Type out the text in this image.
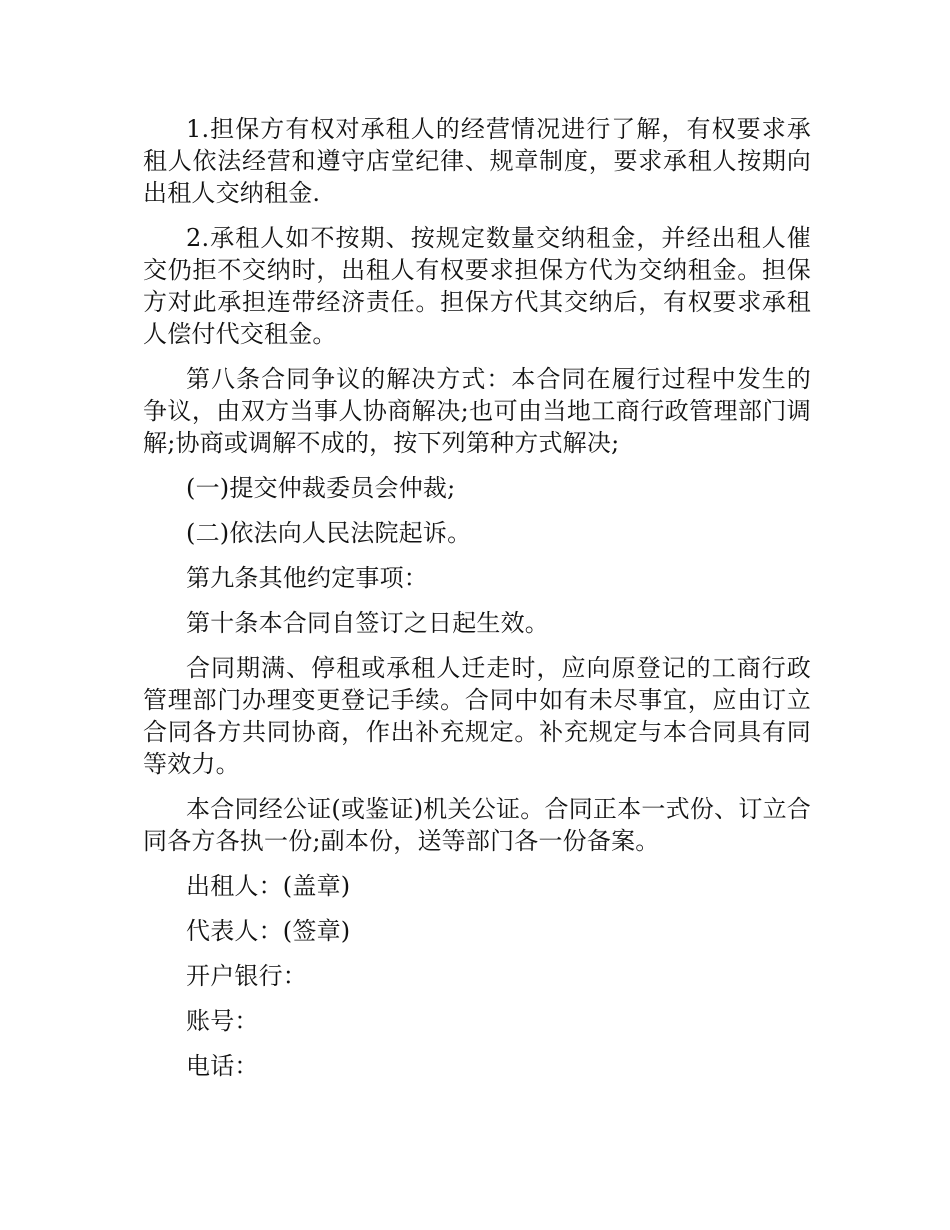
1.担保方有权对承租人的经营情况进行了解，有权要求承租人依法经营和遵守店堂纪律、规章制度，要求承租人按期向出租人交纳租金.

2.承租人如不按期、按规定数量交纳租金，并经出租人催交仍拒不交纳时，出租人有权要求担保方代为交纳租金。担保方对此承担连带经济责任。担保方代其交纳后，有权要求承租人偿付代交租金。

第八条合同争议的解决方式：本合同在履行过程中发生的争议，由双方当事人协商解决;也可由当地工商行政管理部门调解;协商或调解不成的，按下列第种方式解决;

(一)提交仲裁委员会仲裁;

(二)依法向人民法院起诉。

第九条其他约定事项：

第十条本合同自签订之日起生效。

合同期满、停租或承租人迁走时，应向原登记的工商行政管理部门办理变更登记手续。合同中如有未尽事宜，应由订立合同各方共同协商，作出补充规定。补充规定与本合同具有同等效力。

本合同经公证(或鉴证)机关公证。合同正本一式份、订立合同各方各执一份;副本份，送等部门各一份备案。

出租人：(盖章)

代表人：(签章)

开户银行：

账号：

电话：
